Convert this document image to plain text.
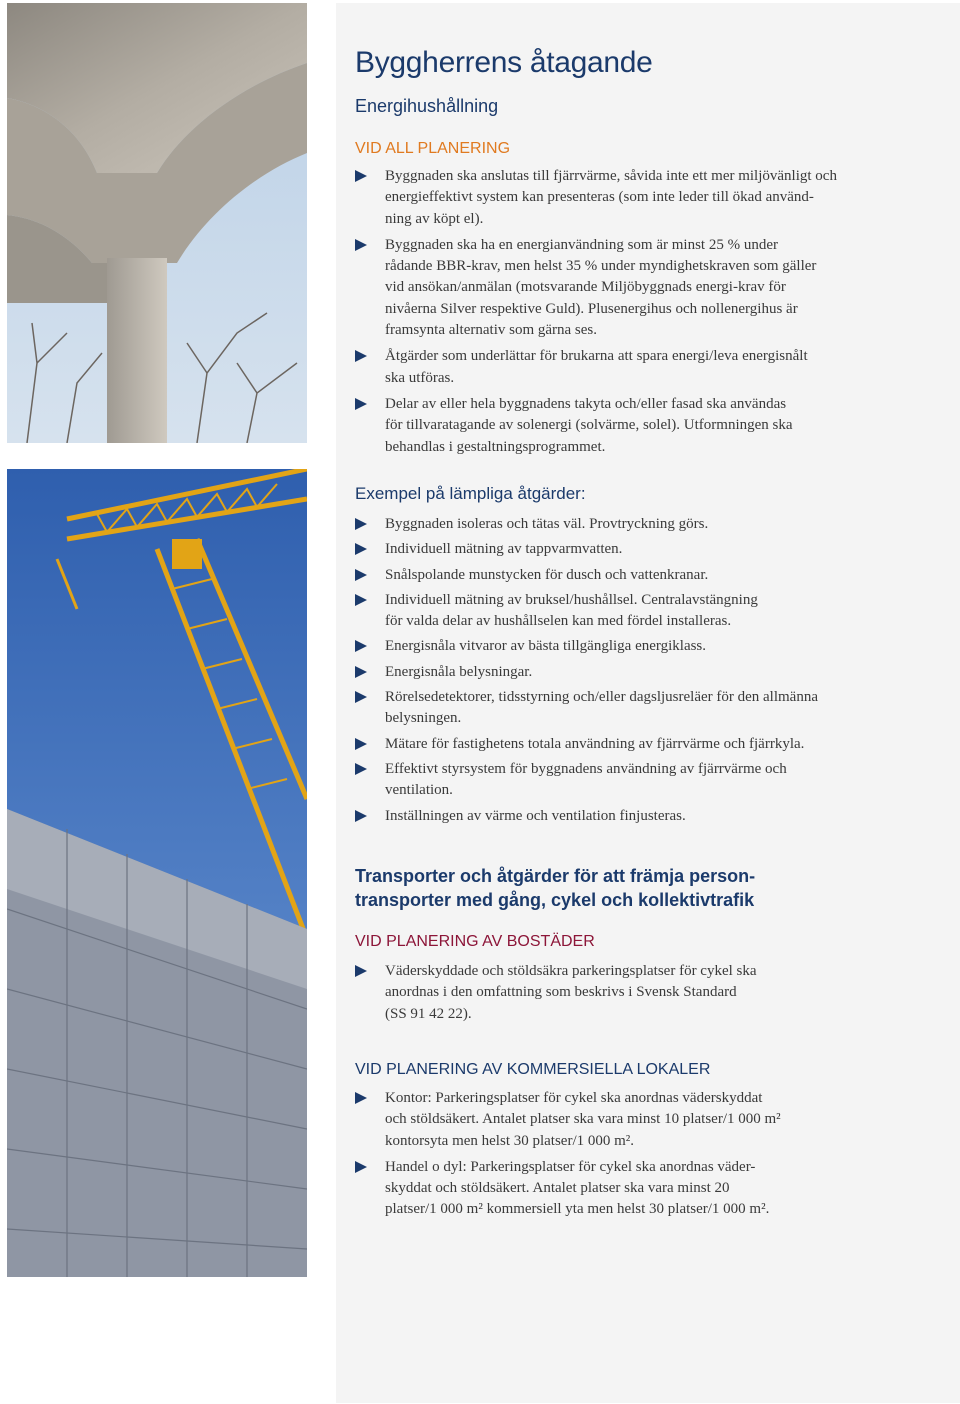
Byggherrens åtagande
Energihushållning
VID ALL PLANERING
Byggnaden ska anslutas till fjärrvärme, såvida inte ett mer miljövänligt och
energieffektivt system kan presenteras (som inte leder till ökad använd-
ning av köpt el).
Byggnaden ska ha en energianvändning som är minst 25 % under
rådande BBR-krav, men helst 35 % under myndighetskraven som gäller
vid ansökan/anmälan (motsvarande Miljöbyggnads energi-krav för
nivåerna Silver respektive Guld). Plusenergihus och nollenergihus är
framsynta alternativ som gärna ses.
Åtgärder som underlättar för brukarna att spara energi/leva energisnålt
ska utföras.
Delar av eller hela byggnadens takyta och/eller fasad ska användas
för tillvaratagande av solenergi (solvärme, solel). Utformningen ska
behandlas i gestaltningsprogrammet.
Exempel på lämpliga åtgärder:
Byggnaden isoleras och tätas väl. Provtryckning görs.
Individuell mätning av tappvarmvatten.
Snålspolande munstycken för dusch och vattenkranar.
Individuell mätning av bruksel/hushållsel. Centralavstängning
för valda delar av hushållselen kan med fördel installeras.
Energisnåla vitvaror av bästa tillgängliga energiklass.
Energisnåla belysningar.
Rörelsedetektorer, tidsstyrning och/eller dagsljusreläer för den allmänna
belysningen.
Mätare för fastighetens totala användning av fjärrvärme och fjärrkyla.
Effektivt styrsystem för byggnadens användning av fjärrvärme och
ventilation.
Inställningen av värme och ventilation finjusteras.
Transporter och åtgärder för att främja person-
transporter med gång, cykel och kollektivtrafik
VID PLANERING AV BOSTÄDER
Väderskyddade och stöldsäkra parkeringsplatser för cykel ska
anordnas i den omfattning som beskrivs i Svensk Standard
(SS 91 42 22).
VID PLANERING AV KOMMERSIELLA LOKALER
Kontor: Parkeringsplatser för cykel ska anordnas väderskyddat
och stöldsäkert. Antalet platser ska vara minst 10 platser/1 000 m²
kontorsyta men helst 30 platser/1 000 m².
Handel o dyl: Parkeringsplatser för cykel ska anordnas väder-
skyddat och stöldsäkert. Antalet platser ska vara minst 20
platser/1 000 m² kommersiell yta men helst 30 platser/1 000 m².
